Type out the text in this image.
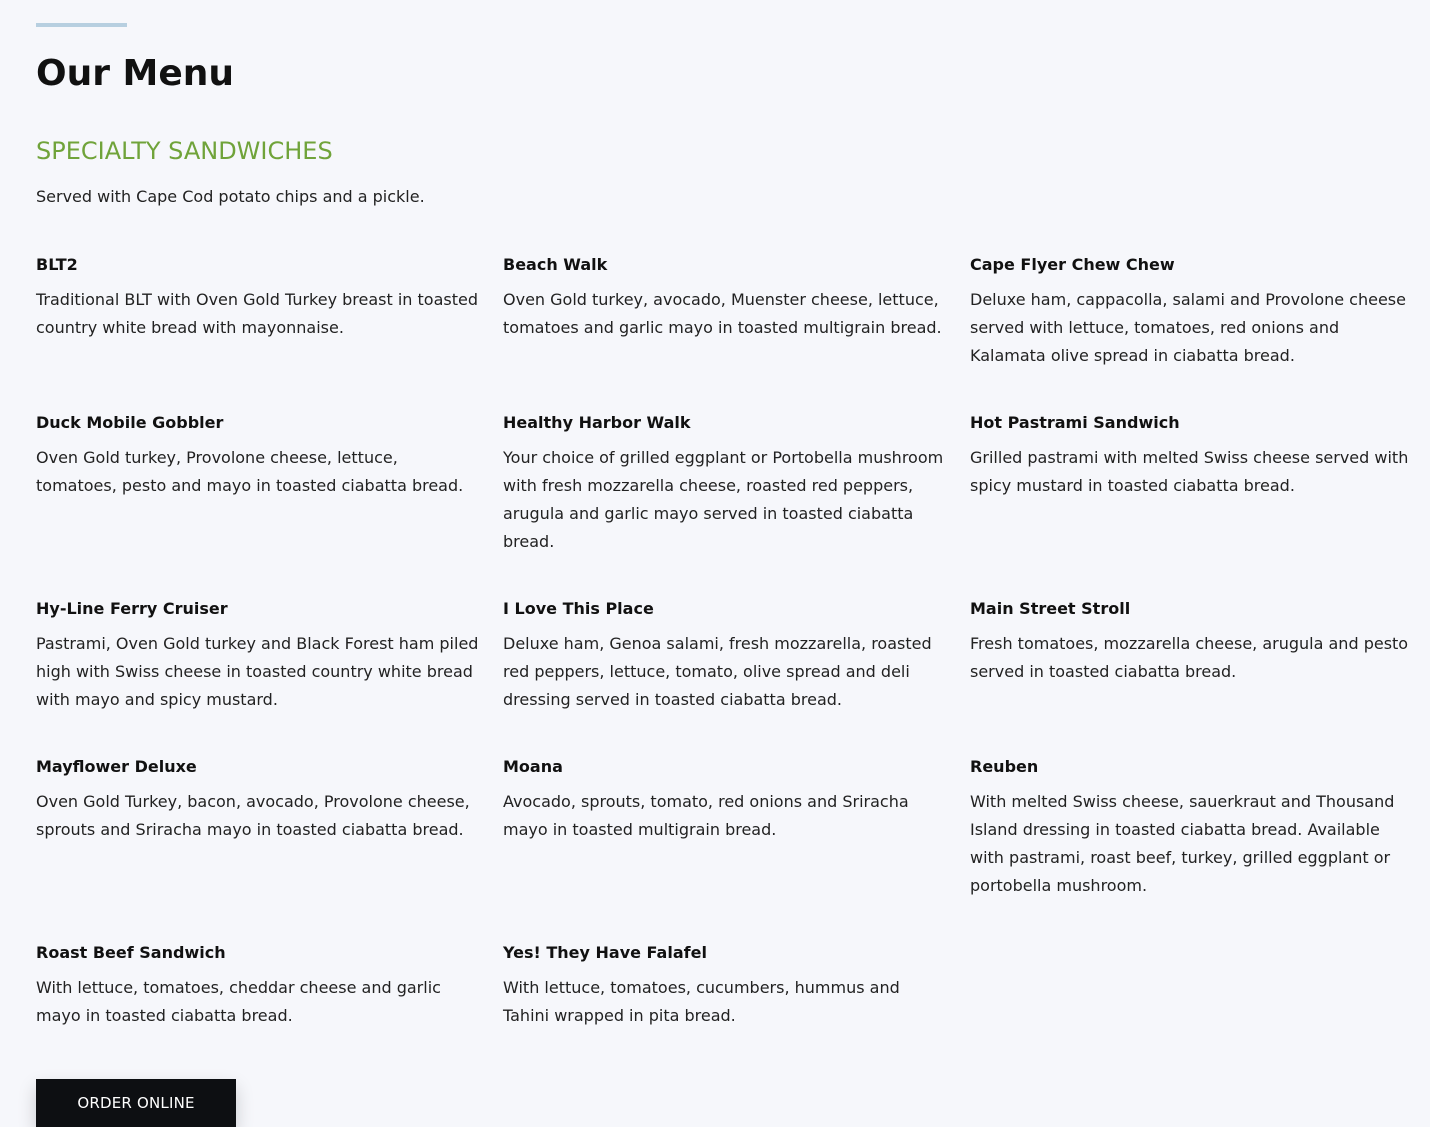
Our Menu
SPECIALTY SANDWICHES

Served with Cape Cod potato chips and a pickle.

BLT2

Traditional BLT with Oven Gold Turkey breast in toasted country white bread with mayonnaise.

Beach Walk

Oven Gold turkey, avocado, Muenster cheese, lettuce, tomatoes and garlic mayo in toasted multigrain bread.

Cape Flyer Chew Chew

Deluxe ham, cappacolla, salami and Provolone cheese served with lettuce, tomatoes, red onions and Kalamata olive spread in ciabatta bread.

Duck Mobile Gobbler

Oven Gold turkey, Provolone cheese, lettuce, tomatoes, pesto and mayo in toasted ciabatta bread.

Healthy Harbor Walk

Your choice of grilled eggplant or Portobella mushroom with fresh mozzarella cheese, roasted red peppers, arugula and garlic mayo served in toasted ciabatta bread.

Hot Pastrami Sandwich

Grilled pastrami with melted Swiss cheese served with spicy mustard in toasted ciabatta bread.

Hy-Line Ferry Cruiser

Pastrami, Oven Gold turkey and Black Forest ham piled high with Swiss cheese in toasted country white bread with mayo and spicy mustard.

I Love This Place

Deluxe ham, Genoa salami, fresh mozzarella, roasted red peppers, lettuce, tomato, olive spread and deli dressing served in toasted ciabatta bread.

Main Street Stroll

Fresh tomatoes, mozzarella cheese, arugula and pesto served in toasted ciabatta bread.

Mayflower Deluxe

Oven Gold Turkey, bacon, avocado, Provolone cheese, sprouts and Sriracha mayo in toasted ciabatta bread.

Moana

Avocado, sprouts, tomato, red onions and Sriracha mayo in toasted multigrain bread.

Reuben

With melted Swiss cheese, sauerkraut and Thousand Island dressing in toasted ciabatta bread. Available with pastrami, roast beef, turkey, grilled eggplant or portobella mushroom.

Roast Beef Sandwich

With lettuce, tomatoes, cheddar cheese and garlic mayo in toasted ciabatta bread.

Yes! They Have Falafel

With lettuce, tomatoes, cucumbers, hummus and Tahini wrapped in pita bread.

ORDER ONLINE
